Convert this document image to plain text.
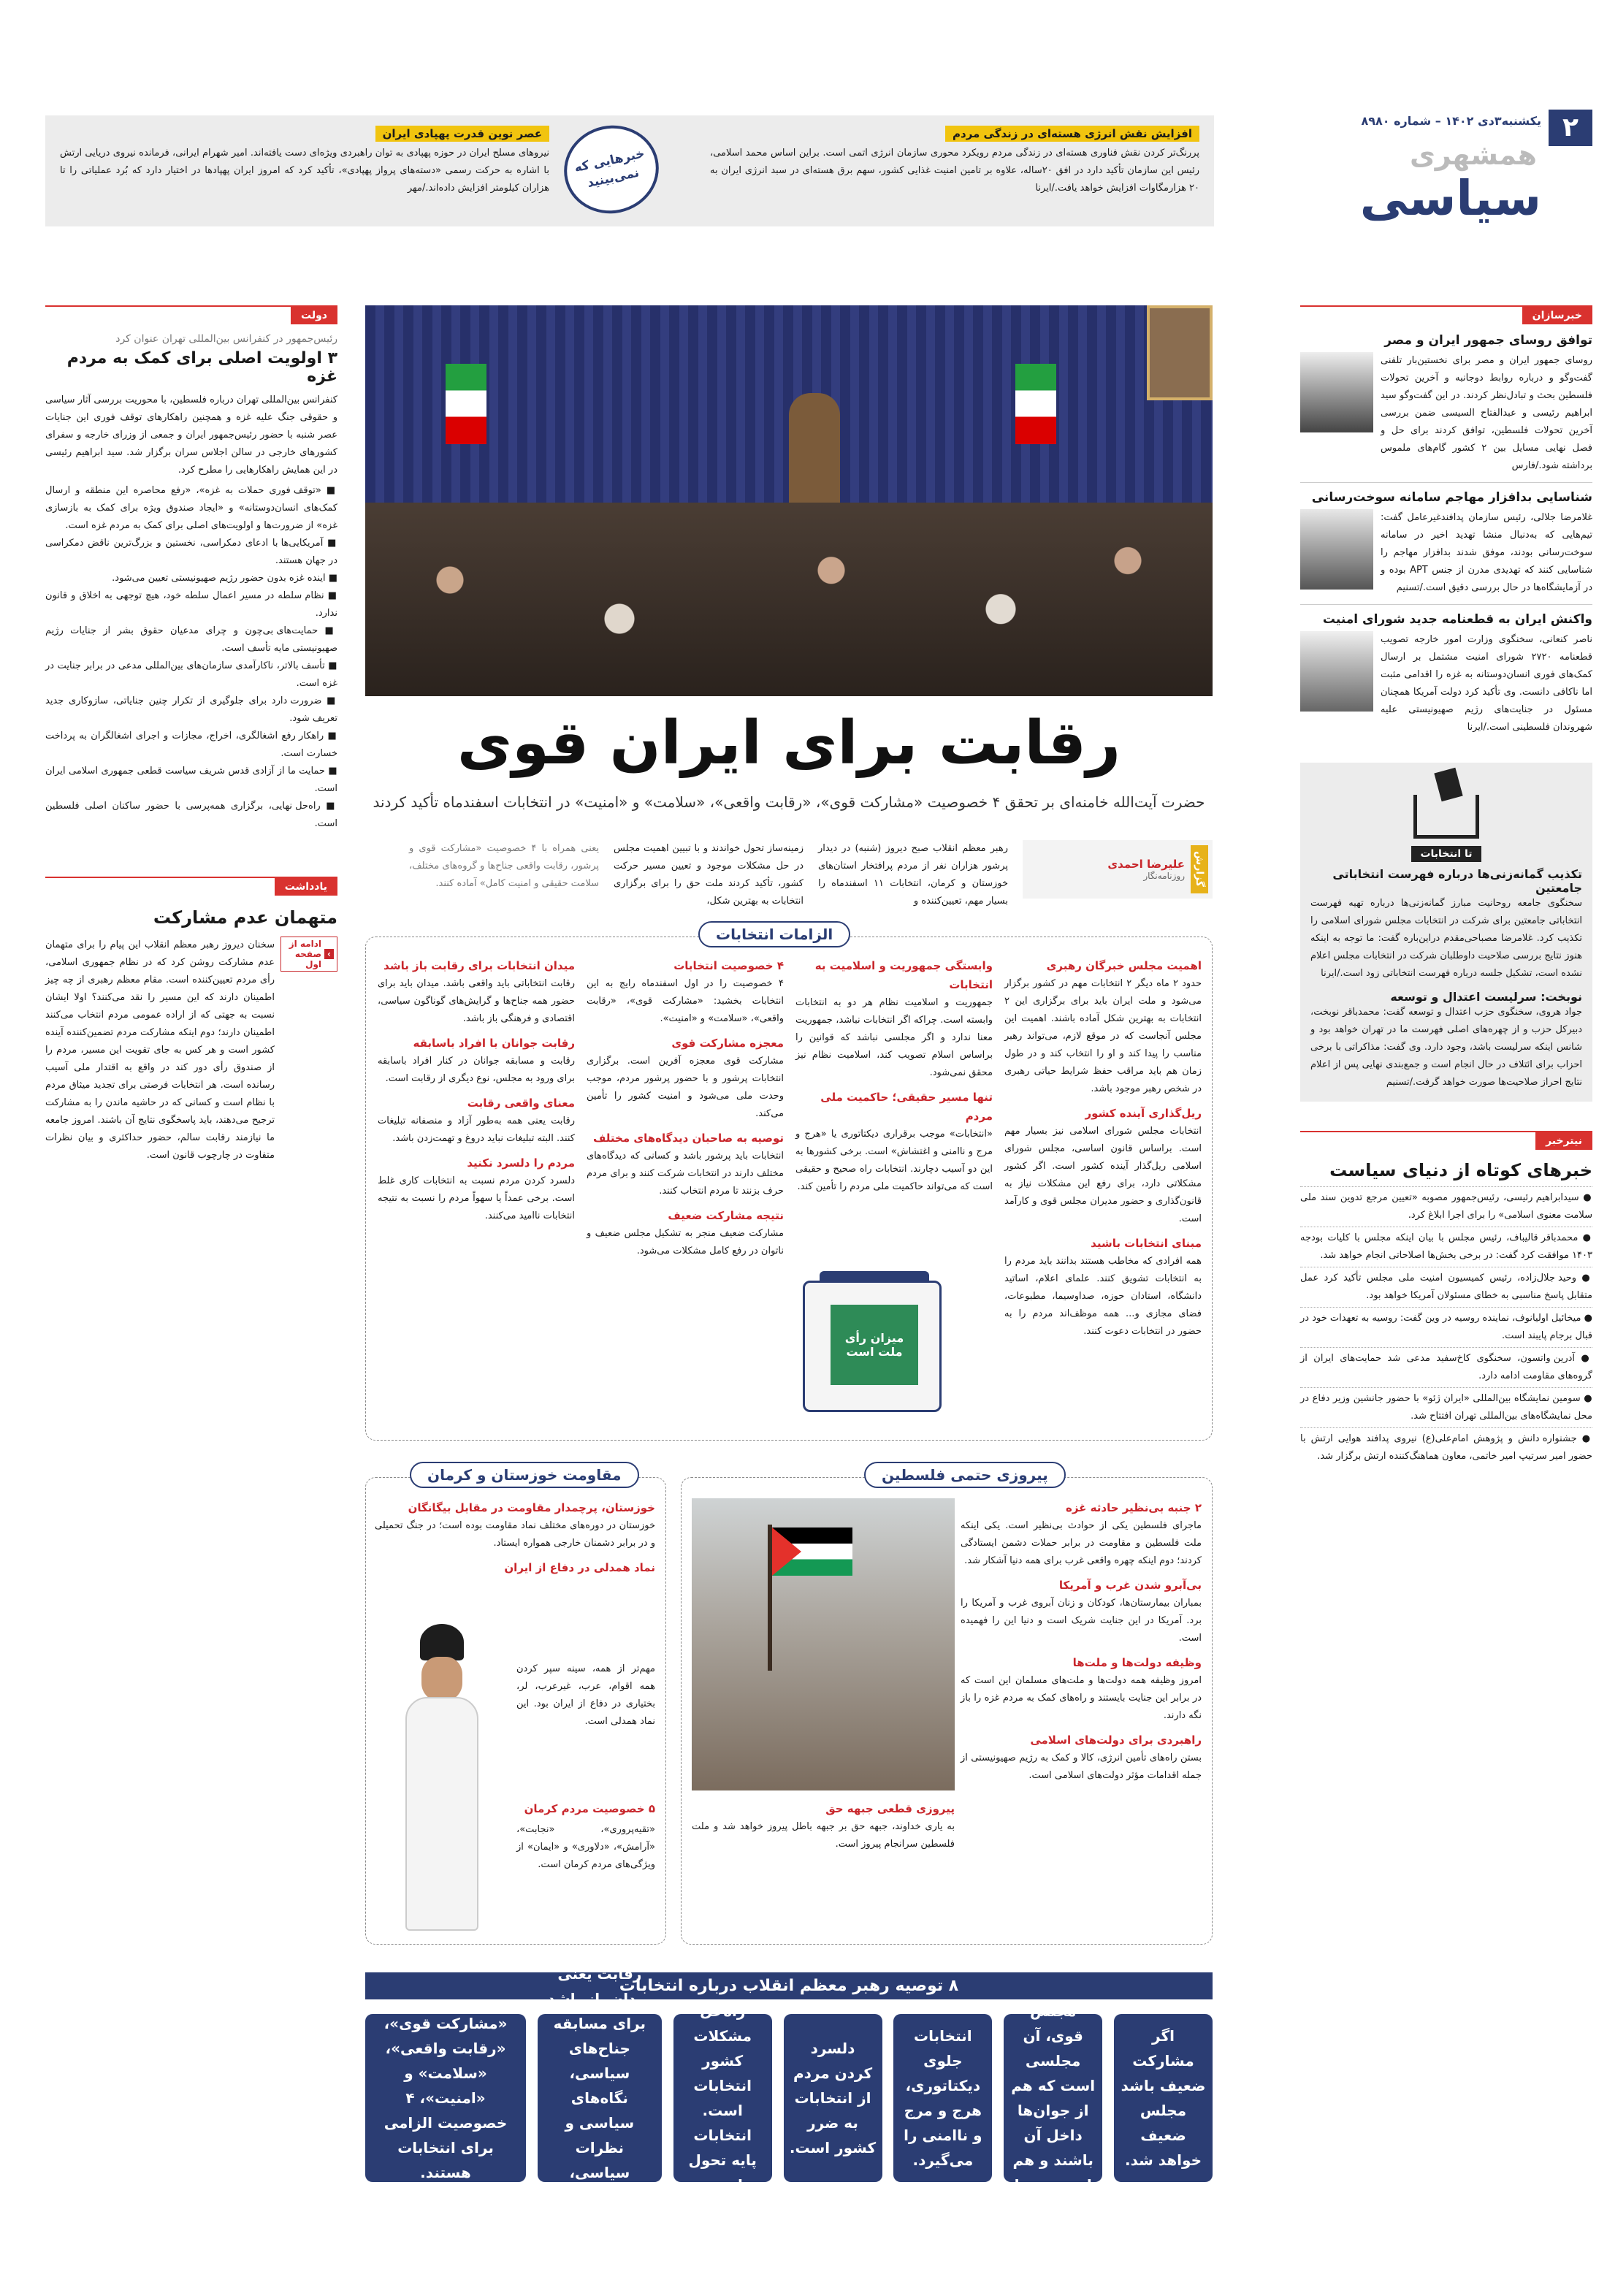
۲
یکشنبه۳دی ۱۴۰۲ – شماره ۸۹۸۰
همشهری
سیاسی
افزایش نقش انرژی هسته‌ای در زندگی مردم
پررنگ‌تر کردن نقش فناوری هسته‌ای در زندگی مردم رویکرد محوری سازمان انرژی اتمی است. براین اساس محمد اسلامی، رئیس این سازمان تأکید دارد در افق ۲۰ساله، علاوه بر تامین امنیت غذایی کشور، سهم برق هسته‌ای در سبد انرژی ایران به ۲۰ هزارمگاوات افزایش خواهد یافت./ایرنا
خبرهایی که نمی‌بینید
عصر نوین قدرت پهپادی ایران
نیروهای مسلح ایران در حوزه پهپادی به توان راهبردی ویژه‌ای دست یافته‌اند. امیر شهرام ایرانی، فرمانده نیروی دریایی ارتش با اشاره به حرکت رسمی «دسته‌های پرواز پهپادی»، تأکید کرد که امروز ایران پهپادها در اختیار دارد که بُرد عملیاتی را تا هزاران کیلومتر افزایش داده‌اند./مهر
خبرسازان
توافق روسای جمهور ایران و مصر
روسای جمهور ایران و مصر برای نخستین‌بار تلفنی گفت‌وگو و درباره روابط دوجانبه و آخرین تحولات فلسطین بحث و تبادل‌نظر کردند. در این گفت‌وگو سید ابراهیم رئیسی و عبدالفتاح السیسی ضمن بررسی آخرین تحولات فلسطین، توافق کردند برای حل و فصل نهایی مسایل بین ۲ کشور گام‌های ملموس برداشته شود./فارس
شناسایی بدافزار مهاجم سامانه سوخت‌رسانی
غلامرضا جلالی، رئیس سازمان پدافندغیرعامل گفت: تیم‌هایی که به‌دنبال منشا تهدید اخیر در سامانه سوخت‌رسانی بودند، موفق شدند بدافزار مهاجم را شناسایی کنند که تهدیدی مدرن از جنس APT بوده و در آزمایشگاه‌ها در حال بررسی دقیق است./تسنیم
واکنش ایران به قطعنامه جدید شورای امنیت
ناصر کنعانی، سخنگوی وزارت امور خارجه تصویب قطعنامه ۲۷۲۰ شورای امنیت مشتمل بر ارسال کمک‌های فوری انسان‌دوستانه به غزه را اقدامی مثبت اما ناکافی دانست. وی تأکید کرد دولت آمریکا همچنان مسئول در جنایت‌های رژیم صهیونیستی علیه شهروندان فلسطینی است./ایرنا
تا انتخابات
تکذیب گمانه‌زنی‌ها درباره فهرست انتخاباتی جامعتین
سخنگوی جامعه روحانیت مبارز گمانه‌زنی‌ها درباره تهیه فهرست انتخاباتی جامعتین برای شرکت در انتخابات مجلس شورای اسلامی را تکذیب کرد. غلامرضا مصباحی‌مقدم دراین‌باره گفت: ما توجه به اینکه هنوز نتایج بررسی صلاحیت داوطلبان شرکت در انتخابات مجلس اعلام نشده است، تشکیل جلسه درباره فهرست انتخاباتی زود است./ایرنا
نوبخت: سرلیست اعتدال و توسعه
جواد هروی، سخنگوی حزب اعتدال و توسعه گفت: محمدباقر نوبخت، دبیرکل حزب و از چهره‌های اصلی فهرست ما در تهران خواهد بود و شانس اینکه سرلیست باشد، وجود دارد. وی گفت: مذاکراتی با برخی احزاب برای ائتلاف در حال انجام است و جمع‌بندی نهایی پس از اعلام نتایج احراز صلاحیت‌ها صورت خواهد گرفت./تسنیم
نیترخبر
خبرهای کوتاه از دنیای سیاست
● سیدابراهیم رئیسی، رئیس‌جمهور مصوبه «تعیین مرجع تدوین سند ملی سلامت معنوی اسلامی» را برای اجرا ابلاغ کرد.
● محمدباقر قالیباف، رئیس مجلس با بیان اینکه مجلس با کلیات بودجه ۱۴۰۳ موافقت کرد گفت: در برخی بخش‌ها اصلاحاتی انجام خواهد شد.
● وحید جلال‌زاده، رئیس کمیسیون امنیت ملی مجلس تأکید کرد عمل متقابل پاسخ مناسبی به خطای مسئولان آمریکا خواهد بود.
● میخائیل اولیانوف، نماینده روسیه در وین گفت: روسیه به تعهدات خود در قبال برجام پایبند است.
● آدرین واتسون، سخنگوی کاخ‌سفید مدعی شد حمایت‌های ایران از گروه‌های مقاومت ادامه دارد.
● سومین نمایشگاه بین‌المللی «ایران ژئو» با حضور جانشین وزیر دفاع در محل نمایشگاه‌های بین‌المللی تهران افتتاح شد.
● جشنواره دانش و پژوهش امام‌علی(ع) نیروی پدافند هوایی ارتش با حضور امیر سرتیپ امیر خاتمی، معاون هماهنگ‌کننده ارتش برگزار شد.
دولت
رئیس‌جمهور در کنفرانس بین‌المللی تهران عنوان کرد
۳ اولویت اصلی برای کمک به مردم غزه
کنفرانس بین‌المللی تهران درباره فلسطین، با محوریت بررسی آثار سیاسی و حقوقی جنگ علیه غزه و همچنین راهکارهای توقف فوری این جنایات عصر شنبه با حضور رئیس‌جمهور ایران و جمعی از وزرای خارجه و سفرای کشورهای خارجی در سالن اجلاس سران برگزار شد. سید ابراهیم رئیسی در این همایش راهکارهایی را مطرح کرد.
■ «توقف فوری حملات به غزه»، «رفع محاصره این منطقه و ارسال کمک‌های انسان‌دوستانه» و «ایجاد صندوق ویژه برای کمک به بازسازی غزه» از ضرورت‌ها و اولویت‌های اصلی برای کمک به مردم غزه است.
■ آمریکایی‌ها با ادعای دمکراسی، نخستین و بزرگ‌ترین ناقض دمکراسی در جهان هستند.
■ اینده غزه بدون حضور رژیم صهیونیستی تعیین می‌شود.
■ نظام سلطه در مسیر اعمال سلطه خود، هیچ توجهی به اخلاق و قانون ندارد.
■ حمایت‌های بی‌چون و چرای مدعیان حقوق بشر از جنایات رژیم صهیونیستی مایه تأسف است.
■ تأسف بالاتر، ناکارآمدی سازمان‌های بین‌المللی مدعی در برابر جنایت در غزه است.
■ ضرورت دارد برای جلوگیری از تکرار چنین جنایاتی، سازوکاری جدید تعریف شود.
■ راهکار رفع اشغالگری، اخراج، مجازات و اجرای اشغالگران به پرداخت خسارت است.
■ حمایت ما از آزادی قدس شریف سیاست قطعی جمهوری اسلامی ایران است.
■ راه‌حل نهایی، برگزاری همه‌پرسی با حضور ساکنان اصلی فلسطین است.
یادداشت
متهمان عدم مشارکت
›
ادامه از صفحه اول
سخنان دیروز رهبر معظم انقلاب این پیام را برای متهمان عدم مشارکت روشن کرد که در نظام جمهوری اسلامی، رأی مردم تعیین‌کننده است. مقام معظم رهبری از چه چیز اطمینان دارند که این مسیر را نقد می‌کنند؟ اولا ایشان نسبت به جهتی که از اراده عمومی مردم انتخاب می‌کنند اطمینان دارند؛ دوم اینکه مشارکت مردم تضمین‌کننده آینده کشور است و هر کس به جای تقویت این مسیر، مردم را از صندوق رأی دور کند در واقع به اقتدار ملی آسیب رسانده است. هر انتخابات فرصتی برای تجدید میثاق مردم با نظام است و کسانی که در حاشیه ماندن را به مشارکت ترجیح می‌دهند، باید پاسخگوی نتایج آن باشند. امروز جامعه ما نیازمند رقابت سالم، حضور حداکثری و بیان نظرات متفاوت در چارچوب قانون است.
رقابت برای ایران قوی
حضرت آیت‌الله خامنه‌ای بر تحقق ۴ خصوصیت «مشارکت قوی»، «رقابت واقعی»، «سلامت» و «امنیت» در انتخابات اسفندماه تأکید کردند
گزارش
علیرضا احمدی
روزنامه‌نگار
رهبر معظم انقلاب صبح دیروز (شنبه) در دیدار پرشور هزاران نفر از مردم پرافتخار استان‌های خوزستان و کرمان، انتخابات ۱۱ اسفندماه را بسیار مهم، تعیین‌کننده و
زمینه‌ساز تحول خواندند و با تبیین اهمیت مجلس در حل مشکلات موجود و تعیین مسیر حرکت کشور، تأکید کردند ملت حق را برای برگزاری انتخابات به بهترین شکل،
یعنی همراه با ۴ خصوصیت «مشارکت قوی و پرشور، رقابت واقعی جناح‌ها و گروه‌های مختلف، سلامت حقیقی و امنیت کامل» آماده کنند.
الزامات انتخابات
اهمیت مجلس خبرگان رهبری
حدود ۲ ماه دیگر ۲ انتخابات مهم در کشور برگزار می‌شود و ملت ایران باید برای برگزاری این ۲ انتخابات به بهترین شکل آماده باشند. اهمیت این مجلس آنجاست که در موقع لازم، می‌تواند رهبر مناسب را پیدا کند و او را انتخاب کند و در طول زمان هم باید مراقب حفظ شرایط حیاتی رهبری در شخص رهبر موجود باشد.
ریل‌گذاری آینده کشور
انتخابات مجلس شورای اسلامی نیز بسیار مهم است. براساس قانون اساسی، مجلس شورای اسلامی ریل‌گذار آینده کشور است. اگر کشور مشکلاتی دارد، برای رفع این مشکلات نیاز به قانون‌گذاری و حضور مدیران مجلس قوی و کارآمد است.
مبنای انتخابات باشید
همه افرادی که مخاطب هستند بدانند باید مردم را به انتخابات تشویق کنند. علمای اعلام، اساتید دانشگاه، استادان حوزه، صداوسیما، مطبوعات، فضای مجازی و... همه موظف‌اند مردم را به حضور در انتخابات دعوت کنند.
وابستگی جمهوریت و اسلامیت به انتخابات
جمهوریت و اسلامیت نظام هر دو به انتخابات وابسته است. چراکه اگر انتخابات نباشد، جمهوریت معنا ندارد و اگر مجلسی نباشد که قوانین را براساس اسلام تصویب کند، اسلامیت نظام نیز محقق نمی‌شود.
تنها مسیر حقیقی؛ حاکمیت ملی مردم
«انتخابات» موجب برقراری دیکتاتوری یا «هرج و مرج و ناامنی و اغتشاش» است. برخی کشورها به این دو آسیب دچارند. انتخابات راه صحیح و حقیقی است که می‌تواند حاکمیت ملی مردم را تأمین کند.
۴ خصوصیت انتخابات
۴ خصوصیت را در اول اسفندماه رایج به این انتخابات بخشید: «مشارکت قوی»، «رقابت واقعی»، «سلامت» و «امنیت».
معجزه مشارکت قوی
مشارکت قوی معجزه آفرین است. برگزاری انتخابات پرشور و با حضور پرشور مردم، موجب وحدت ملی می‌شود و امنیت کشور را تأمین می‌کند.
توصیه به صاحبان دیدگاه‌های مختلف
انتخابات باید پرشور باشد و کسانی که دیدگاه‌های مختلف دارند در انتخابات شرکت کنند و برای مردم حرف بزنند تا مردم انتخاب کنند.
نتیجه مشارکت ضعیف
مشارکت ضعیف منجر به تشکیل مجلس ضعیف و ناتوان در رفع کامل مشکلات می‌شود.
میدان انتخابات برای رقابت باز باشد
رقابت انتخاباتی باید واقعی باشد. میدان باید برای حضور همه جناح‌ها و گرایش‌های گوناگون سیاسی، اقتصادی و فرهنگی باز باشد.
رقابت جوانان با افراد باسابقه
رقابت و مسابقه جوانان در کنار افراد باسابقه برای ورود به مجلس، نوع دیگری از رقابت است.
معنای واقعی رقابت
رقابت یعنی همه به‌طور آزاد و منصفانه تبلیغات کنند. البته تبلیغات نباید دروغ و تهمت‌زدن باشد.
مردم را دلسرد نکنید
دلسرد کردن مردم نسبت به انتخابات کاری غلط است. برخی عمداً یا سهواً مردم را نسبت به نتیجه انتخابات ناامید می‌کنند.
میزان رأی ملت است
پیروزی حتمی فلسطین
۲ جنبه بی‌نظیر حادثه غزه
ماجرای فلسطین یکی از حوادث بی‌نظیر است. یکی اینکه ملت فلسطین و مقاومت در برابر حملات دشمن ایستادگی کردند؛ دوم اینکه چهره واقعی غرب برای همه دنیا آشکار شد.
بی‌آبرو شدن غرب و آمریکا
بمباران بیمارستان‌ها، کودکان و زنان آبروی غرب و آمریکا را برد. آمریکا در این جنایت شریک است و دنیا این را فهمیده است.
وظیفه دولت‌ها و ملت‌ها
امروز وظیفه همه دولت‌ها و ملت‌های مسلمان این است که در برابر این جنایت بایستند و راه‌های کمک به مردم غزه را باز نگه دارند.
راهبردی برای دولت‌های اسلامی
بستن راه‌های تأمین انرژی، کالا و کمک به رژیم صهیونیستی از جمله اقدامات مؤثر دولت‌های اسلامی است.
پیروزی قطعی جبهه حق
به یاری خداوند، جبهه حق بر جبهه باطل پیروز خواهد شد و ملت فلسطین سرانجام پیروز است.
مقاومت خوزستان و کرمان
خوزستان، پرچمدار مقاومت در مقابل بیگانگان
خوزستان در دوره‌های مختلف نماد مقاومت بوده است؛ در جنگ تحمیلی و در برابر دشمنان خارجی همواره ایستاد.
نماد همدلی در دفاع از ایران
مهم‌تر از همه، سینه سپر کردن همه اقوام، عرب، غیرعرب، لر، بختیاری در دفاع از ایران بود. این نماد همدلی است.
۵ خصوصیت مردم کرمان
«تقیه‌پروری»، «نجابت»، «آرامش»، «دلاوری» و «ایمان» از ویژگی‌های مردم کرمان است.
۸ توصیه رهبر معظم انقلاب درباره انتخابات
اگر مشارکت ضعیف باشد مجلس ضعیف خواهد شد.
مجلس قوی، آن مجلسی است که هم از جوان‌ها داخل آن باشند و هم از مجرب‌ها
انتخابات جلوی دیکتاتوری، هرج و مرج و ناامنی را می‌گیرد.
دلسرد کردن مردم از انتخابات به ضرر کشور است.
راه‌حل مشکلات کشور انتخابات است. انتخابات پایه تحول است.
برای مسابقه جناح‌های سیاسی، نگاه‌های سیاسی و نظرات سیاسی، اقتصادی و فرهنگی
«مشارکت قوی»، «رقابت واقعی»، «سلامت» و «امنیت»، ۴ خصوصیت الزامی برای انتخابات هستند.
